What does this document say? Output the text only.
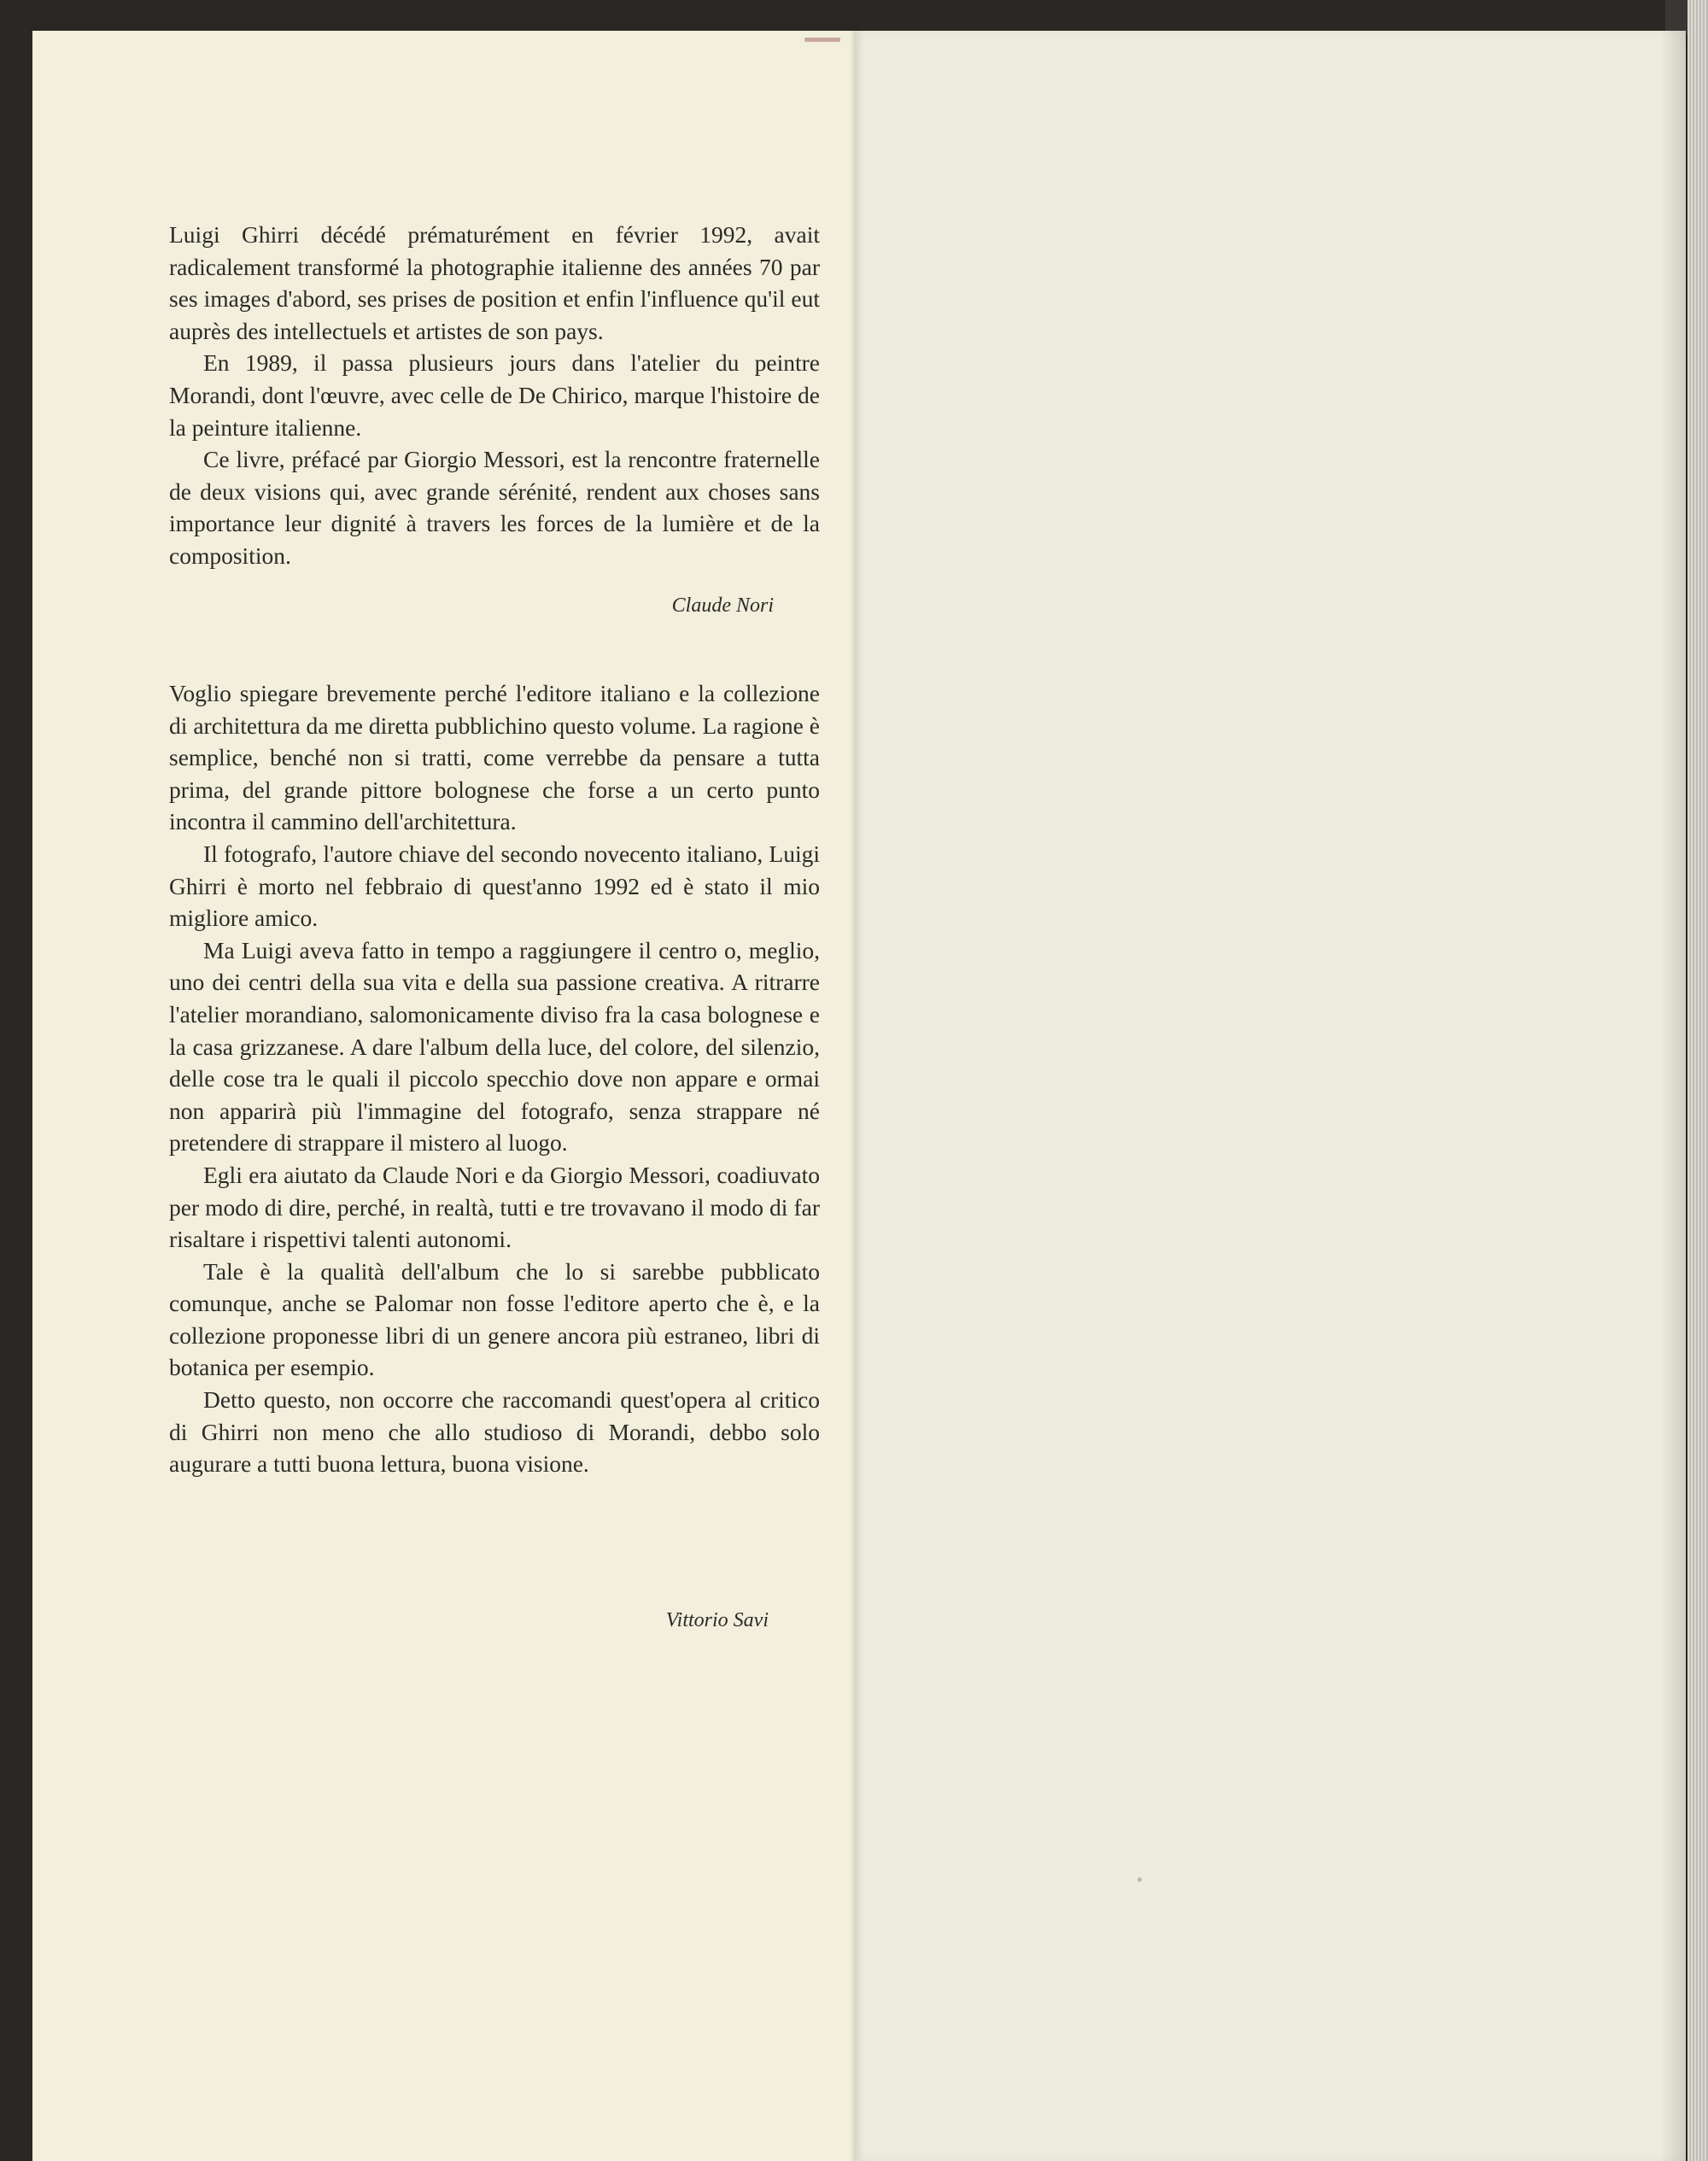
Luigi Ghirri décédé prématurément en février 1992, avait radicalement transformé la photographie italienne des années 70 par ses images d'abord, ses prises de position et enfin l'influence qu'il eut auprès des intellectuels et artistes de son pays.

En 1989, il passa plusieurs jours dans l'atelier du peintre Morandi, dont l'œuvre, avec celle de De Chirico, marque l'histoire de la peinture italienne.

Ce livre, préfacé par Giorgio Messori, est la rencontre fraternelle de deux visions qui, avec grande sérénité, rendent aux choses sans importance leur dignité à travers les forces de la lumière et de la composition.

Claude Nori

Voglio spiegare brevemente perché l'editore italiano e la collezione di architettura da me diretta pubblichino questo volume. La ragione è semplice, benché non si tratti, come verrebbe da pensare a tutta prima, del grande pittore bolognese che forse a un certo punto incontra il cammino dell'architettura.

Il fotografo, l'autore chiave del secondo novecento italiano, Luigi Ghirri è morto nel febbraio di quest'anno 1992 ed è stato il mio migliore amico.

Ma Luigi aveva fatto in tempo a raggiungere il centro o, meglio, uno dei centri della sua vita e della sua passione creativa. A ritrarre l'atelier morandiano, salomonicamente diviso fra la casa bolognese e la casa grizzanese. A dare l'album della luce, del colore, del silenzio, delle cose tra le quali il piccolo specchio dove non appare e ormai non apparirà più l'immagine del fotografo, senza strappare né pretendere di strappare il mistero al luogo.

Egli era aiutato da Claude Nori e da Giorgio Messori, coadiuvato per modo di dire, perché, in realtà, tutti e tre trovavano il modo di far risaltare i rispettivi talenti autonomi.

Tale è la qualità dell'album che lo si sarebbe pubblicato comunque, anche se Palomar non fosse l'editore aperto che è, e la collezione proponesse libri di un genere ancora più estraneo, libri di botanica per esempio.

Detto questo, non occorre che raccomandi quest'opera al critico di Ghirri non meno che allo studioso di Morandi, debbo solo augurare a tutti buona lettura, buona visione.

Vittorio Savi
